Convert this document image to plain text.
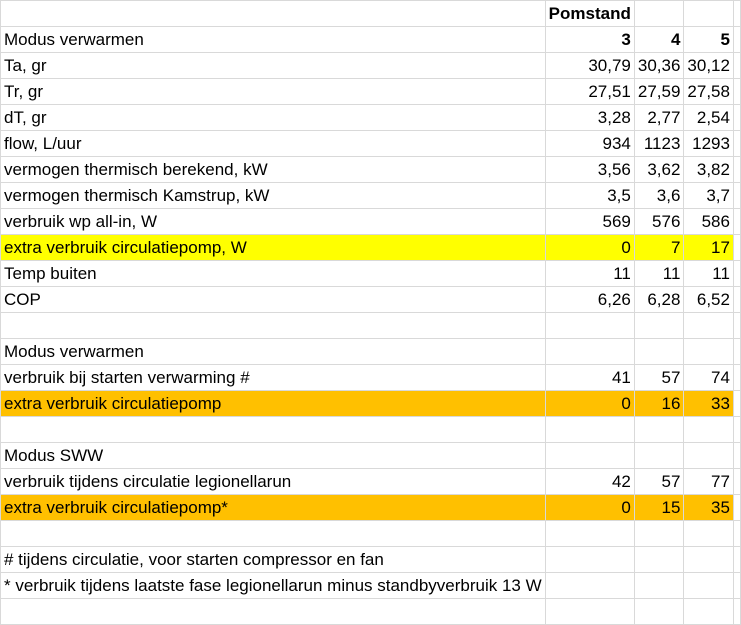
	Pomstand			
Modus verwarmen	3	4	5	
Ta, gr	30,79	30,36	30,12	
Tr, gr	27,51	27,59	27,58	
dT, gr	3,28	2,77	2,54	
flow, L/uur	934	1123	1293	
vermogen thermisch berekend, kW	3,56	3,62	3,82	
vermogen thermisch Kamstrup, kW	3,5	3,6	3,7	
verbruik wp all-in, W	569	576	586	
extra verbruik circulatiepomp, W	0	7	17	
Temp buiten	11	11	11	
COP	6,26	6,28	6,52	

Modus verwarmen				
verbruik bij starten verwarming #	41	57	74	
extra verbruik circulatiepomp	0	16	33	

Modus SWW				
verbruik tijdens circulatie legionellarun	42	57	77	
extra verbruik circulatiepomp*	0	15	35	

# tijdens circulatie, voor starten compressor en fan				
* verbruik tijdens laatste fase legionellarun minus standbyverbruik 13 W				
